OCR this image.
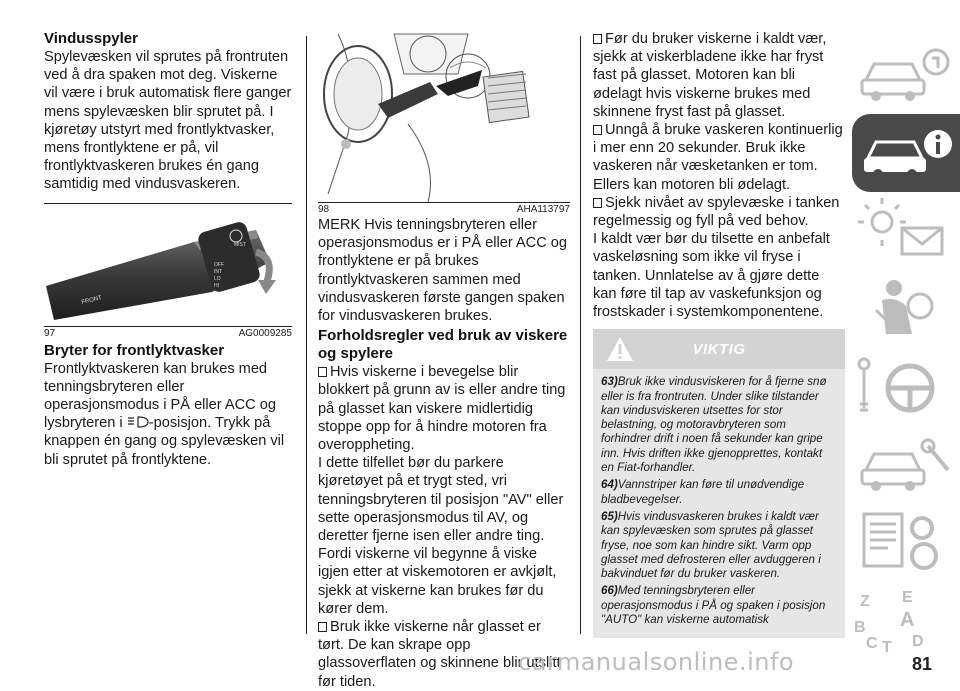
Vindusspyler

Spylevæsken vil sprutes på frontruten ved å dra spaken mot deg. Viskerne vil være i bruk automatisk flere ganger mens spylevæsken blir sprutet på. I kjøretøy utstyrt med frontlyktvasker, mens frontlyktene er på, vil frontlyktvaskeren brukes én gang samtidig med vindusvaskeren.

FRONT
OFF
INT
LO
HI
MIST
97	AG0009285
Bryter for frontlyktvasker

Frontlyktvaskeren kan brukes med tenningsbryteren eller operasjonsmodus i PÅ eller ACC og lysbryteren i -posisjon. Trykk på knappen én gang og spylevæsken vil bli sprutet på frontlyktene.

98	AHA113797

MERK Hvis tenningsbryteren eller operasjonsmodus er i PÅ eller ACC og frontlyktene er på brukes frontlyktvaskeren sammen med vindusvaskeren første gangen spaken for vindusvaskeren brukes.

Forholdsregler ved bruk av viskere og spylere

Hvis viskerne i bevegelse blir blokkert på grunn av is eller andre ting på glasset kan viskere midlertidig stoppe opp for å hindre motoren fra overoppheting.

I dette tilfellet bør du parkere kjøretøyet på et trygt sted, vri tenningsbryteren til posisjon "AV" eller sette operasjonsmodus til AV, og deretter fjerne isen eller andre ting. Fordi viskerne vil begynne å viske igjen etter at viskemotoren er avkjølt, sjekk at viskerne kan brukes før du kører dem.

Bruk ikke viskerne når glasset er tørt. De kan skrape opp glassoverflaten og skinnene blir utslitt før tiden.

Før du bruker viskerne i kaldt vær, sjekk at viskerbladene ikke har fryst fast på glasset. Motoren kan bli ødelagt hvis viskerne brukes med skinnene fryst fast på glasset.

Unngå å bruke vaskeren kontinuerlig i mer enn 20 sekunder. Bruk ikke vaskeren når væsketanken er tom. Ellers kan motoren bli ødelagt.

Sjekk nivået av spylevæske i tanken regelmessig og fyll på ved behov.

I kaldt vær bør du tilsette en anbefalt vaskeløsning som ikke vil fryse i tanken. Unnlatelse av å gjøre dette kan føre til tap av vaskefunksjon og frostskader i systemkomponentene.

VIKTIG
63)Bruk ikke vindusviskeren for å fjerne snø eller is fra frontruten. Under slike tilstander kan vindusviskeren utsettes for stor belastning, og motoravbryteren som forhindrer drift i noen få sekunder kan gripe inn. Hvis driften ikke gjenopprettes, kontakt en Fiat-forhandler.
64)Vannstriper kan føre til unødvendige bladbevegelser.
65)Hvis vindusvaskeren brukes i kaldt vær kan spylevæsken som sprutes på glasset fryse, noe som kan hindre sikt. Varm opp glasset med defrosteren eller avduggeren i bakvinduet før du bruker vaskeren.
66)Med tenningsbryteren eller operasjonsmodus i PÅ og spaken i posisjon "AUTO" kan viskerne automatisk
Z E
B A
C T D
carmanualsonline.info	81
